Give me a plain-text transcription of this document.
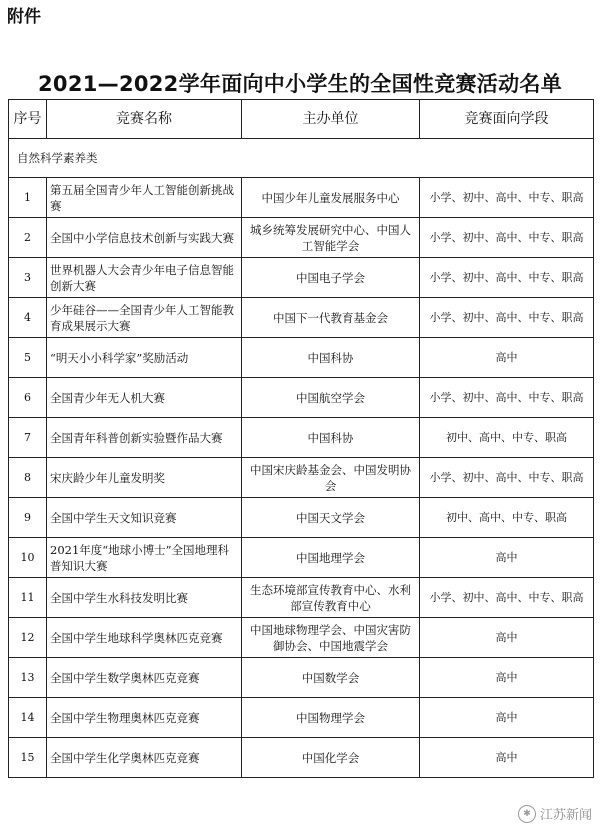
附件
2021—2022学年面向中小学生的全国性竞赛活动名单
序号	竞赛名称	主办单位	竞赛面向学段
自然科学素养类			
1	第五届全国青少年人工智能创新挑战赛	中国少年儿童发展服务中心	小学、初中、高中、中专、职高
2	全国中小学信息技术创新与实践大赛	城乡统筹发展研究中心、中国人工智能学会	小学、初中、高中、中专、职高
3	世界机器人大会青少年电子信息智能创新大赛	中国电子学会	小学、初中、高中、中专、职高
4	少年硅谷——全国青少年人工智能教育成果展示大赛	中国下一代教育基金会	小学、初中、高中、中专、职高
5	“明天小小科学家”奖励活动	中国科协	高中
6	全国青少年无人机大赛	中国航空学会	小学、初中、高中、中专、职高
7	全国青年科普创新实验暨作品大赛	中国科协	初中、高中、中专、职高
8	宋庆龄少年儿童发明奖	中国宋庆龄基金会、中国发明协会	小学、初中、高中、中专、职高
9	全国中学生天文知识竞赛	中国天文学会	初中、高中、中专、职高
10	2021年度“地球小博士”全国地理科普知识大赛	中国地理学会	高中
11	全国中学生水科技发明比赛	生态环境部宣传教育中心、水利部宣传教育中心	小学、初中、高中、中专、职高
12	全国中学生地球科学奥林匹克竞赛	中国地球物理学会、中国灾害防御协会、中国地震学会	高中
13	全国中学生数学奥林匹克竞赛	中国数学会	高中
14	全国中学生物理奥林匹克竞赛	中国物理学会	高中
15	全国中学生化学奥林匹克竞赛	中国化学会	高中
✱ 江苏新闻
